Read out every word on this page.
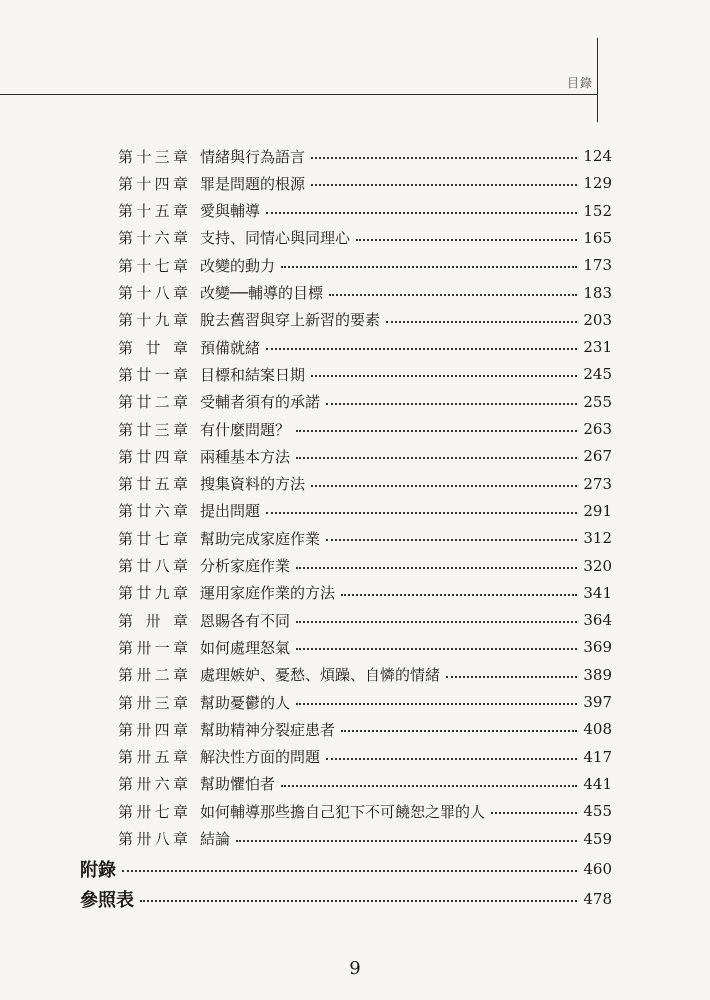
目錄
第十三章 情緒與行為語言	124
第十四章 罪是問題的根源	129
第十五章 愛與輔導	152
第十六章 支持、同情心與同理心	165
第十七章 改變的動力	173
第十八章 改變──輔導的目標	183
第十九章 脫去舊習與穿上新習的要素	203
第廿章 預備就緒	231
第廿一章 目標和結案日期	245
第廿二章 受輔者須有的承諾	255
第廿三章 有什麼問題？	263
第廿四章 兩種基本方法	267
第廿五章 搜集資料的方法	273
第廿六章 提出問題	291
第廿七章 幫助完成家庭作業	312
第廿八章 分析家庭作業	320
第廿九章 運用家庭作業的方法	341
第卅章 恩賜各有不同	364
第卅一章 如何處理怒氣	369
第卅二章 處理嫉妒、憂愁、煩躁、自憐的情緒	389
第卅三章 幫助憂鬱的人	397
第卅四章 幫助精神分裂症患者	408
第卅五章 解決性方面的問題	417
第卅六章 幫助懼怕者	441
第卅七章 如何輔導那些擔自己犯下不可饒恕之罪的人	455
第卅八章 結論	459
附錄	460
參照表	478
9
